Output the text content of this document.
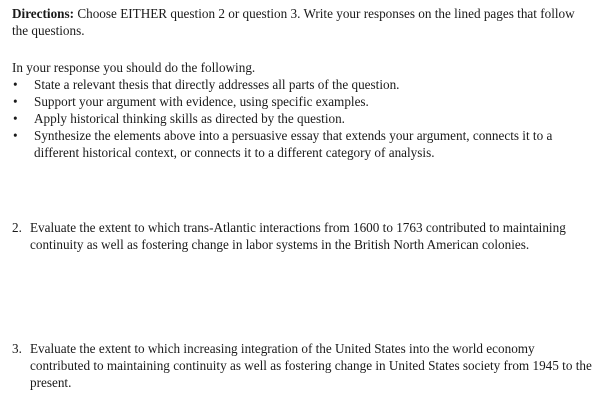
Directions: Choose EITHER question 2 or question 3. Write your responses on the lined pages that follow the questions.

In your response you should do the following.

•	State a relevant thesis that directly addresses all parts of the question.
•	Support your argument with evidence, using specific examples.
•	Apply historical thinking skills as directed by the question.
•	Synthesize the elements above into a persuasive essay that extends your argument, connects it to a different historical context, or connects it to a different category of analysis.
2. Evaluate the extent to which trans-Atlantic interactions from 1600 to 1763 contributed to maintaining continuity as well as fostering change in labor systems in the British North American colonies.
3. Evaluate the extent to which increasing integration of the United States into the world economy contributed to maintaining continuity as well as fostering change in United States society from 1945 to the present.
